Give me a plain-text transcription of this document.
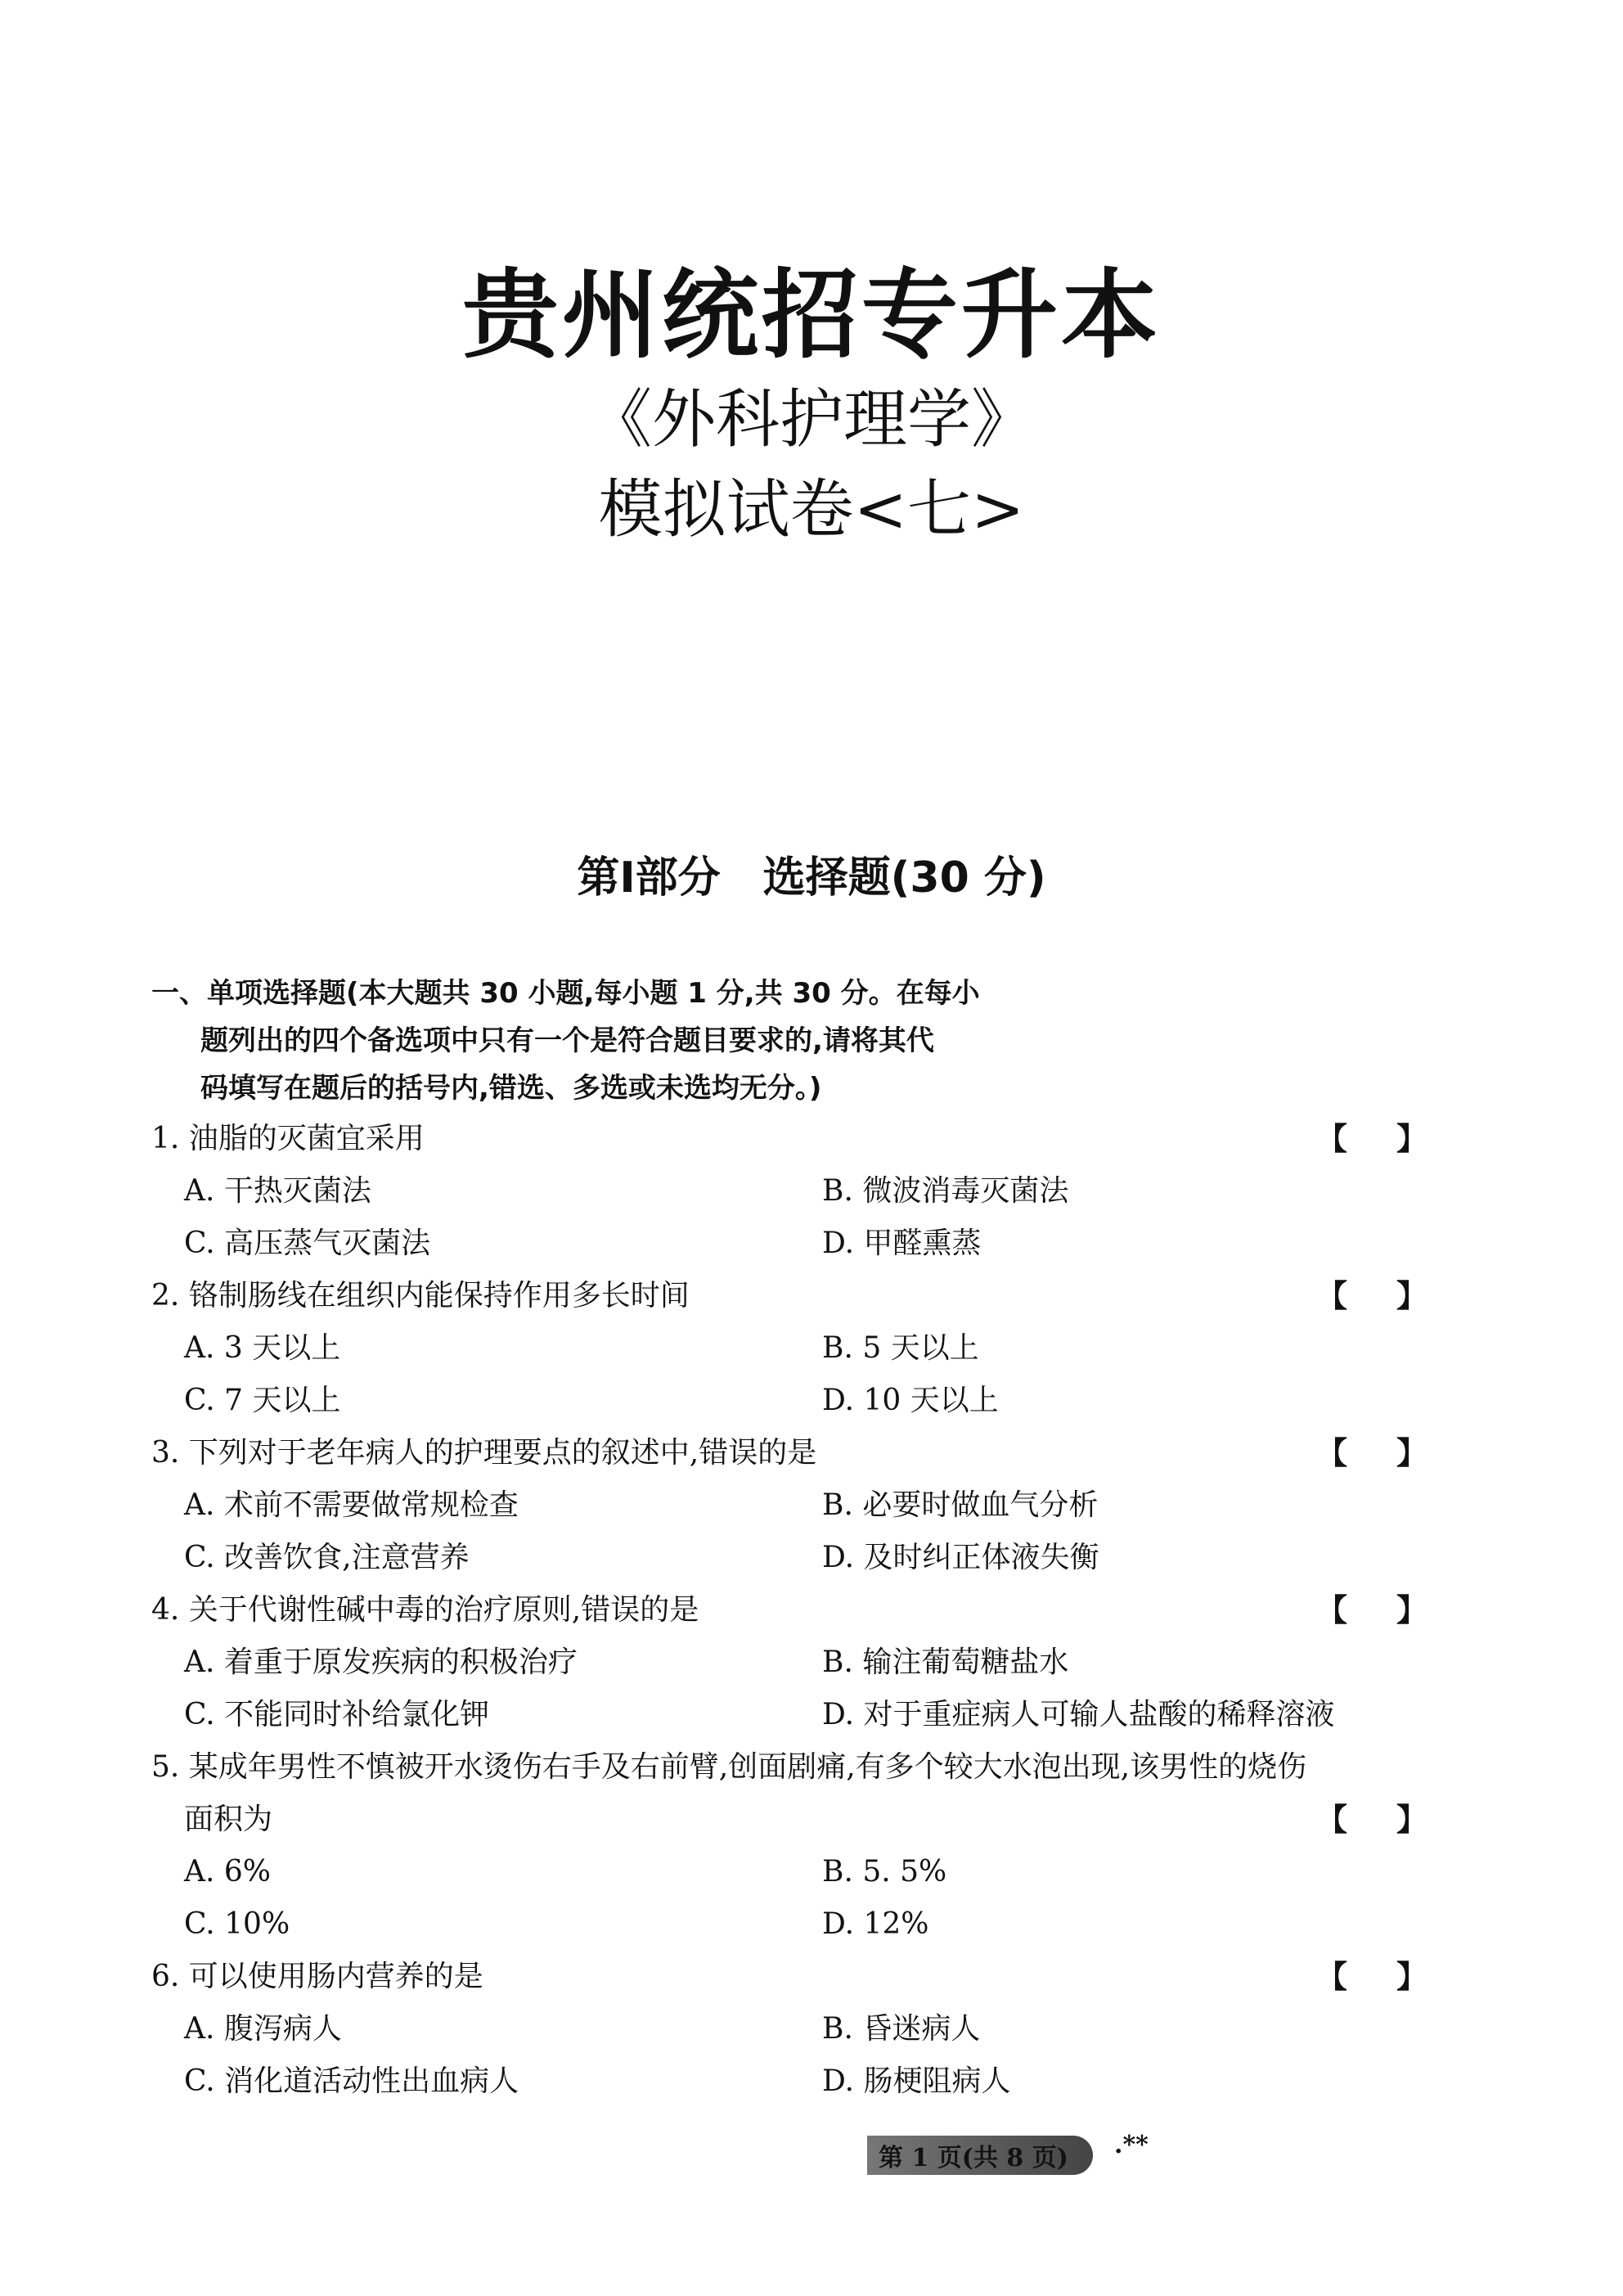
贵州统招专升本
《外科护理学》
模拟试卷<七>
第Ⅰ部分　选择题(30 分)
一、单项选择题(本大题共 30 小题,每小题 1 分,共 30 分。在每小
题列出的四个备选项中只有一个是符合题目要求的,请将其代
码填写在题后的括号内,错选、多选或未选均无分。)
1. 油脂的灭菌宜采用	【】
A. 干热灭菌法	B. 微波消毒灭菌法
C. 高压蒸气灭菌法	D. 甲醛熏蒸
2. 铬制肠线在组织内能保持作用多长时间	【】
A. 3 天以上	B. 5 天以上
C. 7 天以上	D. 10 天以上
3. 下列对于老年病人的护理要点的叙述中,错误的是	【】
A. 术前不需要做常规检查	B. 必要时做血气分析
C. 改善饮食,注意营养	D. 及时纠正体液失衡
4. 关于代谢性碱中毒的治疗原则,错误的是	【】
A. 着重于原发疾病的积极治疗	B. 输注葡萄糖盐水
C. 不能同时补给氯化钾	D. 对于重症病人可输人盐酸的稀释溶液
5. 某成年男性不慎被开水烫伤右手及右前臂,创面剧痛,有多个较大水泡出现,该男性的烧伤
面积为	【】
A. 6%	B. 5. 5%
C. 10%	D. 12%
6. 可以使用肠内营养的是	【】
A. 腹泻病人	B. 昏迷病人
C. 消化道活动性出血病人	D. 肠梗阻病人
第 1 页(共 8 页)	.**
